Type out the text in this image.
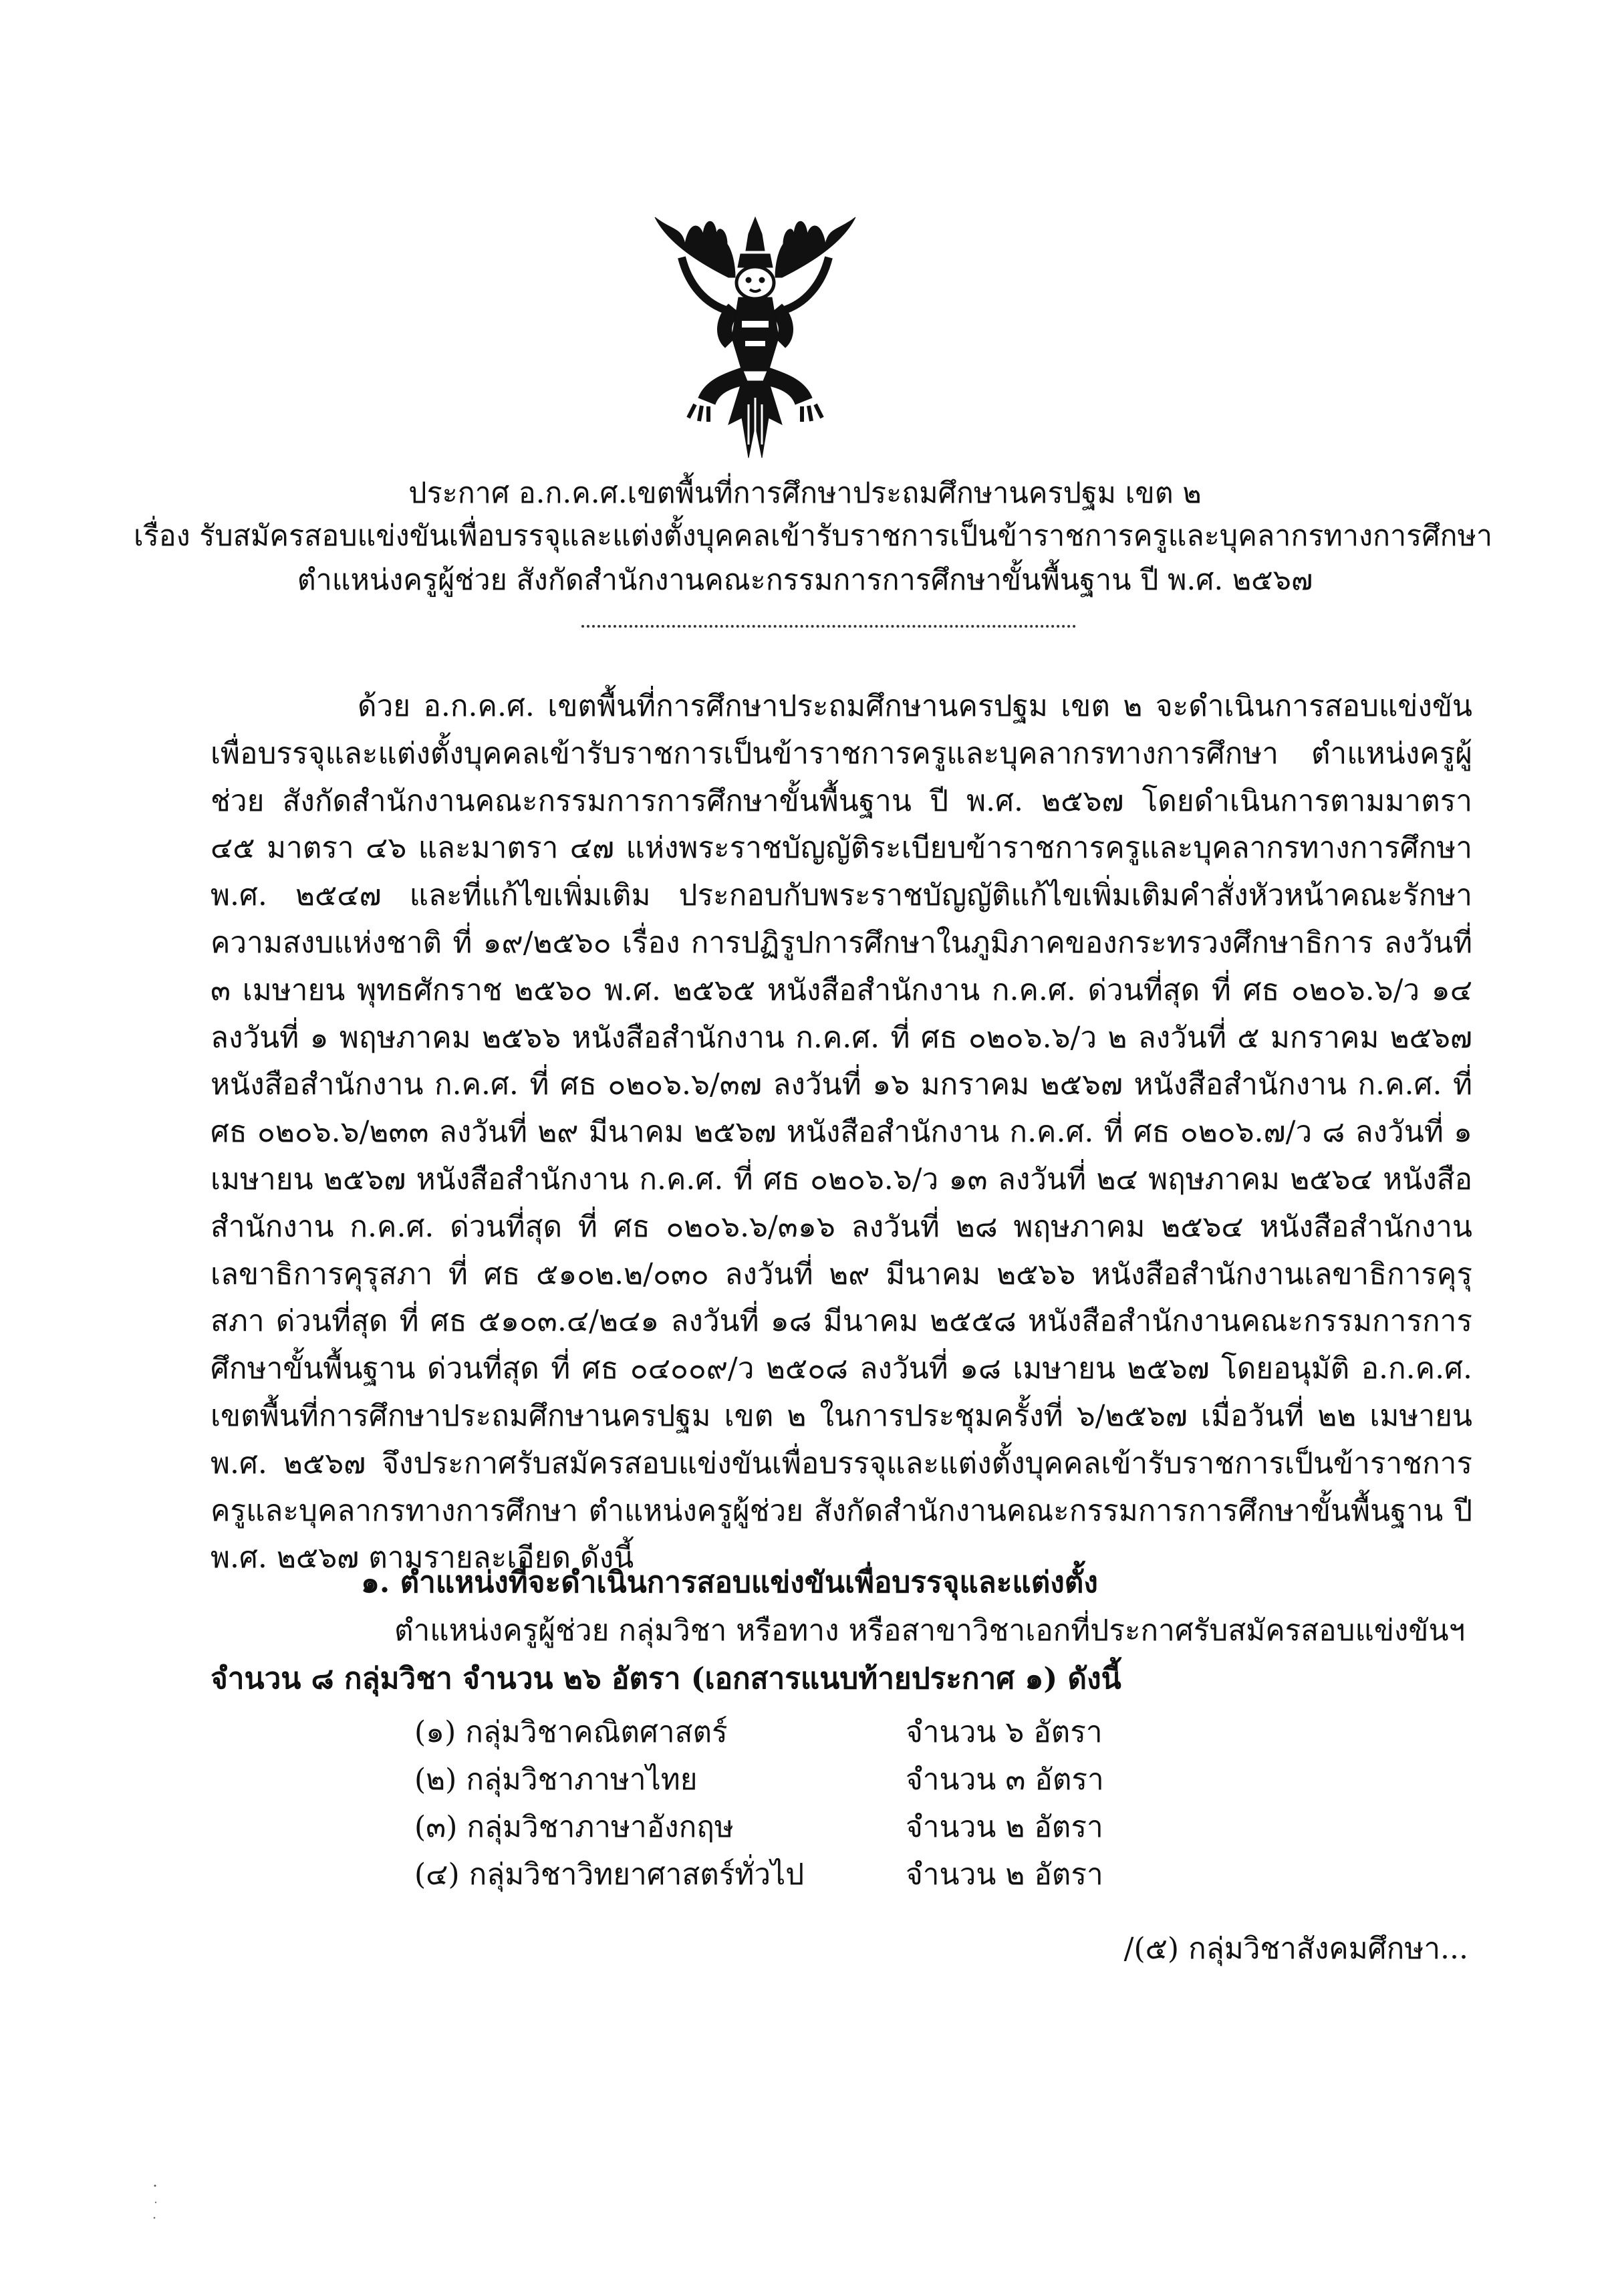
ประกาศ อ.ก.ค.ศ.เขตพื้นที่การศึกษาประถมศึกษานครปฐม เขต ๒
เรื่อง รับสมัครสอบแข่งขันเพื่อบรรจุและแต่งตั้งบุคคลเข้ารับราชการเป็นข้าราชการครูและบุคลากรทางการศึกษา
ตำแหน่งครูผู้ช่วย สังกัดสำนักงานคณะกรรมการการศึกษาขั้นพื้นฐาน ปี พ.ศ. ๒๕๖๗
ด้วย อ.ก.ค.ศ. เขตพื้นที่การศึกษาประถมศึกษานครปฐม เขต ๒ จะดำเนินการสอบแข่งขันเพื่อบรรจุและแต่งตั้งบุคคลเข้ารับราชการเป็นข้าราชการครูและบุคลากรทางการศึกษา ตำแหน่งครูผู้ช่วย สังกัดสำนักงานคณะกรรมการการศึกษาขั้นพื้นฐาน ปี พ.ศ. ๒๕๖๗ โดยดำเนินการตามมาตรา ๔๕ มาตรา ๔๖ และมาตรา ๔๗ แห่งพระราชบัญญัติระเบียบข้าราชการครูและบุคลากรทางการศึกษา พ.ศ. ๒๕๔๗ และที่แก้ไขเพิ่มเติม ประกอบกับพระราชบัญญัติแก้ไขเพิ่มเติมคำสั่งหัวหน้าคณะรักษาความสงบแห่งชาติ ที่ ๑๙/๒๕๖๐ เรื่อง การปฏิรูปการศึกษาในภูมิภาคของกระทรวงศึกษาธิการ ลงวันที่ ๓ เมษายน พุทธศักราช ๒๕๖๐ พ.ศ. ๒๕๖๕ หนังสือสำนักงาน ก.ค.ศ. ด่วนที่สุด ที่ ศธ ๐๒๐๖.๖/ว ๑๔ ลงวันที่ ๑ พฤษภาคม ๒๕๖๖ หนังสือสำนักงาน ก.ค.ศ. ที่ ศธ ๐๒๐๖.๖/ว ๒ ลงวันที่ ๕ มกราคม ๒๕๖๗ หนังสือสำนักงาน ก.ค.ศ. ที่ ศธ ๐๒๐๖.๖/๓๗ ลงวันที่ ๑๖ มกราคม ๒๕๖๗ หนังสือสำนักงาน ก.ค.ศ. ที่ ศธ ๐๒๐๖.๖/๒๓๓ ลงวันที่ ๒๙ มีนาคม ๒๕๖๗ หนังสือสำนักงาน ก.ค.ศ. ที่ ศธ ๐๒๐๖.๗/ว ๘ ลงวันที่ ๑ เมษายน ๒๕๖๗ หนังสือสำนักงาน ก.ค.ศ. ที่ ศธ ๐๒๐๖.๖/ว ๑๓ ลงวันที่ ๒๔ พฤษภาคม ๒๕๖๔ หนังสือสำนักงาน ก.ค.ศ. ด่วนที่สุด ที่ ศธ ๐๒๐๖.๖/๓๑๖ ลงวันที่ ๒๘ พฤษภาคม ๒๕๖๔ หนังสือสำนักงานเลขาธิการคุรุสภา ที่ ศธ ๕๑๐๒.๒/๐๓๐ ลงวันที่ ๒๙ มีนาคม ๒๕๖๖ หนังสือสำนักงานเลขาธิการคุรุสภา ด่วนที่สุด ที่ ศธ ๕๑๐๓.๔/๒๔๑ ลงวันที่ ๑๘ มีนาคม ๒๕๕๘ หนังสือสำนักงานคณะกรรมการการศึกษาขั้นพื้นฐาน ด่วนที่สุด ที่ ศธ ๐๔๐๐๙/ว ๒๕๐๘ ลงวันที่ ๑๘ เมษายน ๒๕๖๗ โดยอนุมัติ อ.ก.ค.ศ. เขตพื้นที่การศึกษาประถมศึกษานครปฐม เขต ๒ ในการประชุมครั้งที่ ๖/๒๕๖๗ เมื่อวันที่ ๒๒ เมษายน พ.ศ. ๒๕๖๗ จึงประกาศรับสมัครสอบแข่งขันเพื่อบรรจุและแต่งตั้งบุคคลเข้ารับราชการเป็นข้าราชการครูและบุคลากรทางการศึกษา ตำแหน่งครูผู้ช่วย สังกัดสำนักงานคณะกรรมการการศึกษาขั้นพื้นฐาน ปี พ.ศ. ๒๕๖๗ ตามรายละเอียด ดังนี้
๑. ตำแหน่งที่จะดำเนินการสอบแข่งขันเพื่อบรรจุและแต่งตั้ง
ตำแหน่งครูผู้ช่วย กลุ่มวิชา หรือทาง หรือสาขาวิชาเอกที่ประกาศรับสมัครสอบแข่งขันฯ
จำนวน ๘ กลุ่มวิชา จำนวน ๒๖ อัตรา (เอกสารแนบท้ายประกาศ ๑) ดังนี้
(๑) กลุ่มวิชาคณิตศาสตร์	จำนวน ๖ อัตรา
(๒) กลุ่มวิชาภาษาไทย	จำนวน ๓ อัตรา
(๓) กลุ่มวิชาภาษาอังกฤษ	จำนวน ๒ อัตรา
(๔) กลุ่มวิชาวิทยาศาสตร์ทั่วไป	จำนวน ๒ อัตรา
/(๕) กลุ่มวิชาสังคมศึกษา...
